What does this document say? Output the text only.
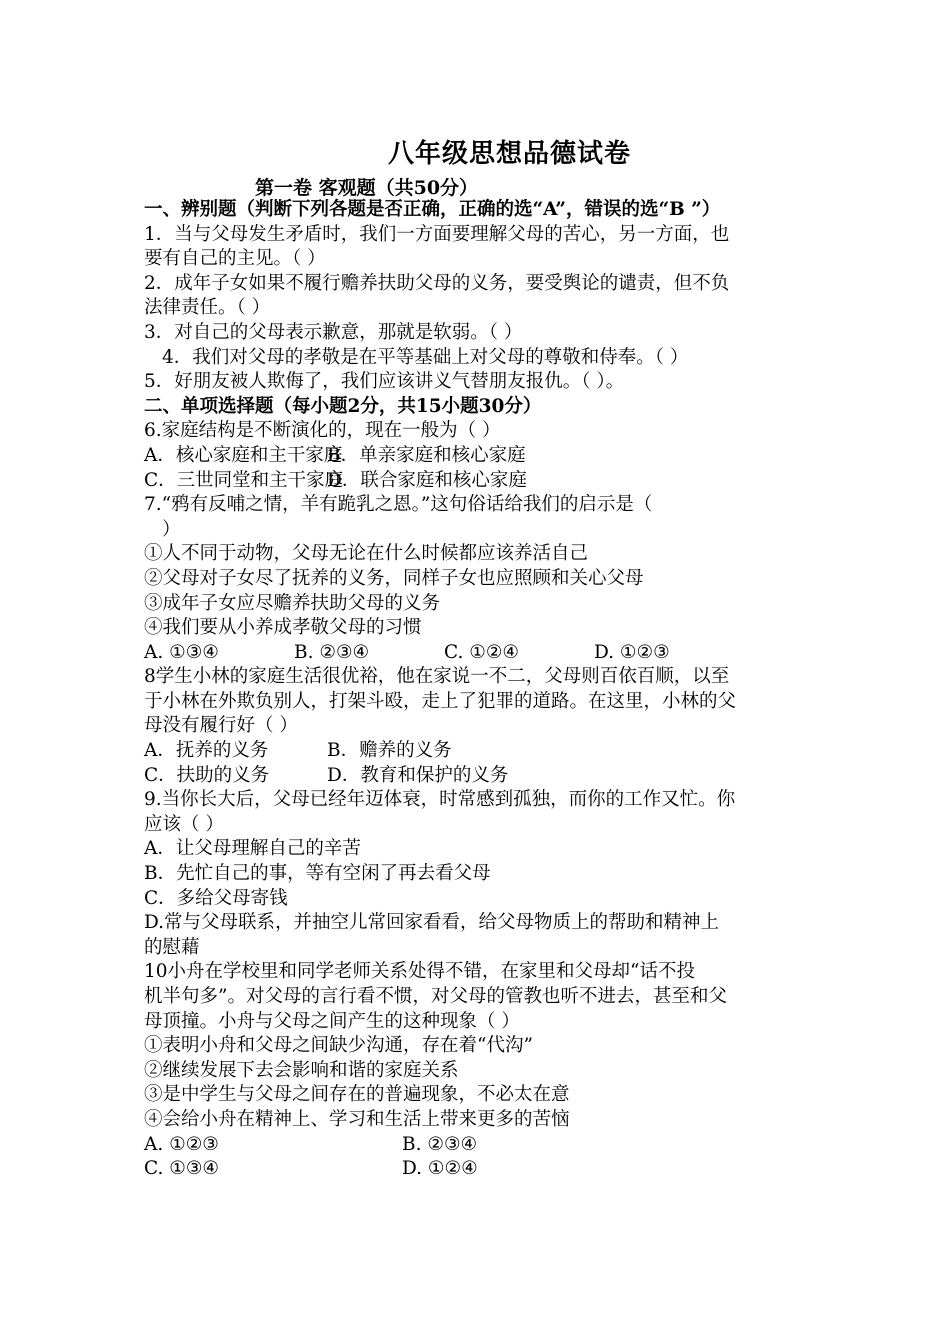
八年级思想品德试卷
第一卷 客观题（共50分）
一、辨别题（判断下列各题是否正确，正确的选“A”，错误的选“B ”）
1．当与父母发生矛盾时，我们一方面要理解父母的苦心，另一方面，也
要有自己的主见。（ ）
2．成年子女如果不履行赡养扶助父母的义务，要受舆论的谴责，但不负
法律责任。（ ）
3．对自己的父母表示歉意，那就是软弱。（ ）
4．我们对父母的孝敬是在平等基础上对父母的尊敬和侍奉。（ ）
5．好朋友被人欺侮了，我们应该讲义气替朋友报仇。（ ）。
二、单项选择题（每小题2分，共15小题30分）
6.家庭结构是不断演化的，现在一般为（ ）
A．核心家庭和主干家庭
B．单亲家庭和核心家庭
C．三世同堂和主干家庭
D．联合家庭和核心家庭
7.“鸦有反哺之情，羊有跪乳之恩。”这句俗话给我们的启示是（
）
①人不同于动物，父母无论在什么时候都应该养活自己
②父母对子女尽了抚养的义务，同样子女也应照顾和关心父母
③成年子女应尽赡养扶助父母的义务
④我们要从小养成孝敬父母的习惯
A. ①③④	B. ②③④	C. ①②④	D. ①②③
8学生小林的家庭生活很优裕，他在家说一不二，父母则百依百顺，以至
于小林在外欺负别人，打架斗殴，走上了犯罪的道路。在这里，小林的父
母没有履行好（ ）
A．抚养的义务	B．赡养的义务
C．扶助的义务	D．教育和保护的义务
9.当你长大后，父母已经年迈体衰，时常感到孤独，而你的工作又忙。你
应该（ ）
A．让父母理解自己的辛苦
B．先忙自己的事，等有空闲了再去看父母
C．多给父母寄钱
D.常与父母联系，并抽空儿常回家看看，给父母物质上的帮助和精神上
的慰藉
10小舟在学校里和同学老师关系处得不错，在家里和父母却“话不投
机半句多”。对父母的言行看不惯，对父母的管教也听不进去，甚至和父
母顶撞。小舟与父母之间产生的这种现象（ ）
①表明小舟和父母之间缺少沟通，存在着“代沟”
②继续发展下去会影响和谐的家庭关系
③是中学生与父母之间存在的普遍现象，不必太在意
④会给小舟在精神上、学习和生活上带来更多的苦恼
A. ①②③	B. ②③④
C. ①③④	D. ①②④
